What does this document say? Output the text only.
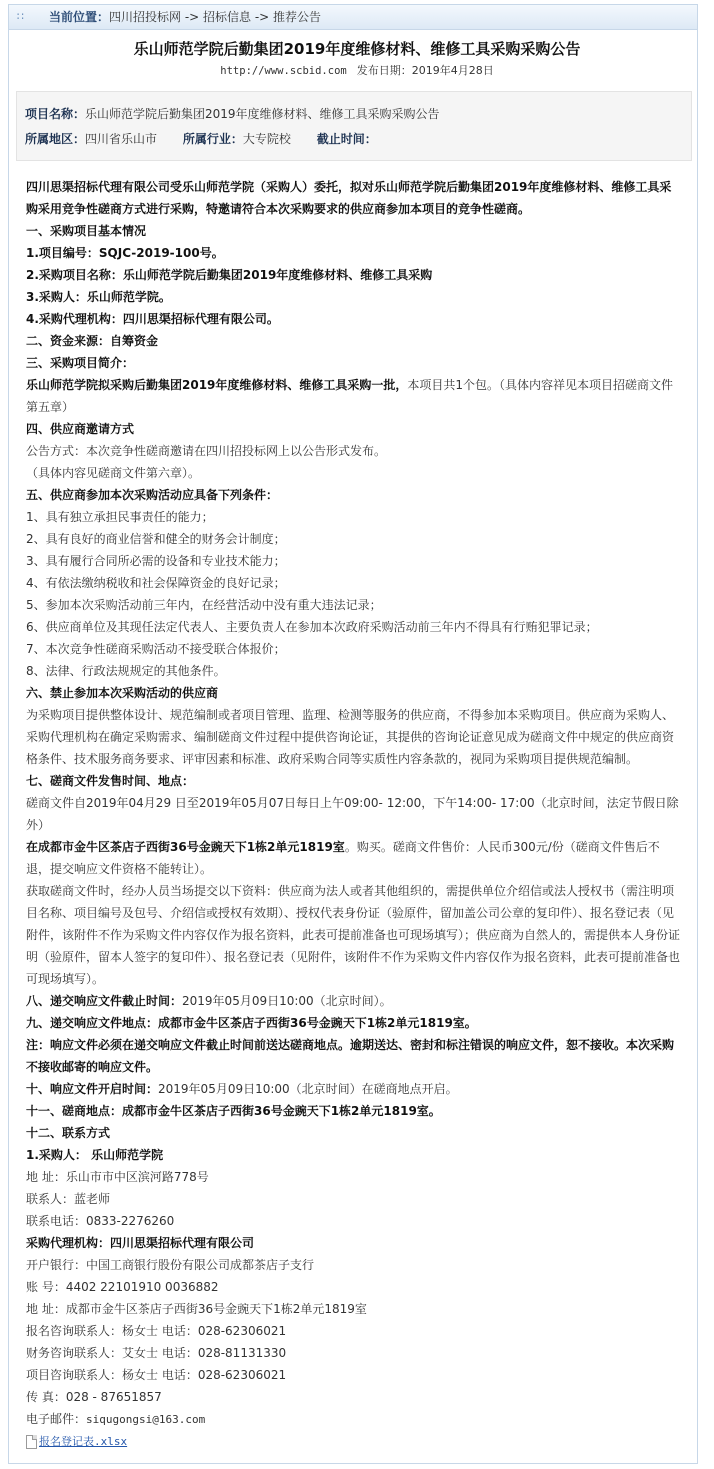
∷ 当前位置：四川招投标网 -> 招标信息 -> 推荐公告
乐山师范学院后勤集团2019年度维修材料、维修工具采购采购公告
http://www.scbid.com 发布日期：2019年4月28日
项目名称：乐山师范学院后勤集团2019年度维修材料、维修工具采购采购公告
所属地区：四川省乐山市 所属行业：大专院校 截止时间：

四川思渠招标代理有限公司受乐山师范学院（采购人）委托，拟对乐山师范学院后勤集团2019年度维修材料、维修工具采购采用竞争性磋商方式进行采购，特邀请符合本次采购要求的供应商参加本项目的竞争性磋商。

一、采购项目基本情况

1.项目编号：SQJC-2019-100号。

2.采购项目名称：乐山师范学院后勤集团2019年度维修材料、维修工具采购

3.采购人：乐山师范学院。

4.采购代理机构：四川思渠招标代理有限公司。

二、资金来源：自筹资金

三、采购项目简介：

乐山师范学院拟采购后勤集团2019年度维修材料、维修工具采购一批，本项目共1个包。（具体内容祥见本项目招磋商文件第五章）

四、供应商邀请方式

公告方式：本次竞争性磋商邀请在四川招投标网上以公告形式发布。

（具体内容见磋商文件第六章）。

五、供应商参加本次采购活动应具备下列条件：

1、具有独立承担民事责任的能力；

2、具有良好的商业信誉和健全的财务会计制度；

3、具有履行合同所必需的设备和专业技术能力；

4、有依法缴纳税收和社会保障资金的良好记录；

5、参加本次采购活动前三年内，在经营活动中没有重大违法记录；

6、供应商单位及其现任法定代表人、主要负责人在参加本次政府采购活动前三年内不得具有行贿犯罪记录；

7、本次竞争性磋商采购活动不接受联合体报价；

8、法律、行政法规规定的其他条件。

六、禁止参加本次采购活动的供应商

为采购项目提供整体设计、规范编制或者项目管理、监理、检测等服务的供应商，不得参加本采购项目。供应商为采购人、采购代理机构在确定采购需求、编制磋商文件过程中提供咨询论证，其提供的咨询论证意见成为磋商文件中规定的供应商资格条件、技术服务商务要求、评审因素和标准、政府采购合同等实质性内容条款的，视同为采购项目提供规范编制。

七、磋商文件发售时间、地点：

磋商文件自2019年04月29 日至2019年05月07日每日上午09:00- 12:00，下午14:00- 17:00（北京时间，法定节假日除外）

在成都市金牛区茶店子西街36号金豌天下1栋2单元1819室。购买。磋商文件售价：人民币300元/份（磋商文件售后不退，提交响应文件资格不能转让）。

获取磋商文件时，经办人员当场提交以下资料：供应商为法人或者其他组织的，需提供单位介绍信或法人授权书（需注明项目名称、项目编号及包号、介绍信或授权有效期）、授权代表身份证（验原件，留加盖公司公章的复印件）、报名登记表（见附件，该附件不作为采购文件内容仅作为报名资料，此表可提前准备也可现场填写）；供应商为自然人的，需提供本人身份证明（验原件，留本人签字的复印件）、报名登记表（见附件，该附件不作为采购文件内容仅作为报名资料，此表可提前准备也可现场填写）。

八、递交响应文件截止时间：2019年05月09日10:00（北京时间）。

九、递交响应文件地点：成都市金牛区茶店子西街36号金豌天下1栋2单元1819室。

注：响应文件必须在递交响应文件截止时间前送达磋商地点。逾期送达、密封和标注错误的响应文件，恕不接收。本次采购不接收邮寄的响应文件。

十、响应文件开启时间：2019年05月09日10:00（北京时间）在磋商地点开启。

十一、磋商地点：成都市金牛区茶店子西街36号金豌天下1栋2单元1819室。

十二、联系方式

1.采购人： 乐山师范学院

地 址：乐山市市中区滨河路778号

联系人：蓝老师

联系电话：0833-2276260

采购代理机构：四川思渠招标代理有限公司

开户银行：中国工商银行股份有限公司成都茶店子支行

账 号：4402 22101910 0036882

地 址：成都市金牛区茶店子西街36号金豌天下1栋2单元1819室

报名咨询联系人：杨女士 电话：028-62306021

财务咨询联系人：艾女士 电话：028-81131330

项目咨询联系人：杨女士 电话：028-62306021

传 真：028 - 87651857

电子邮件：siqugongsi@163.com

报名登记表.xlsx
